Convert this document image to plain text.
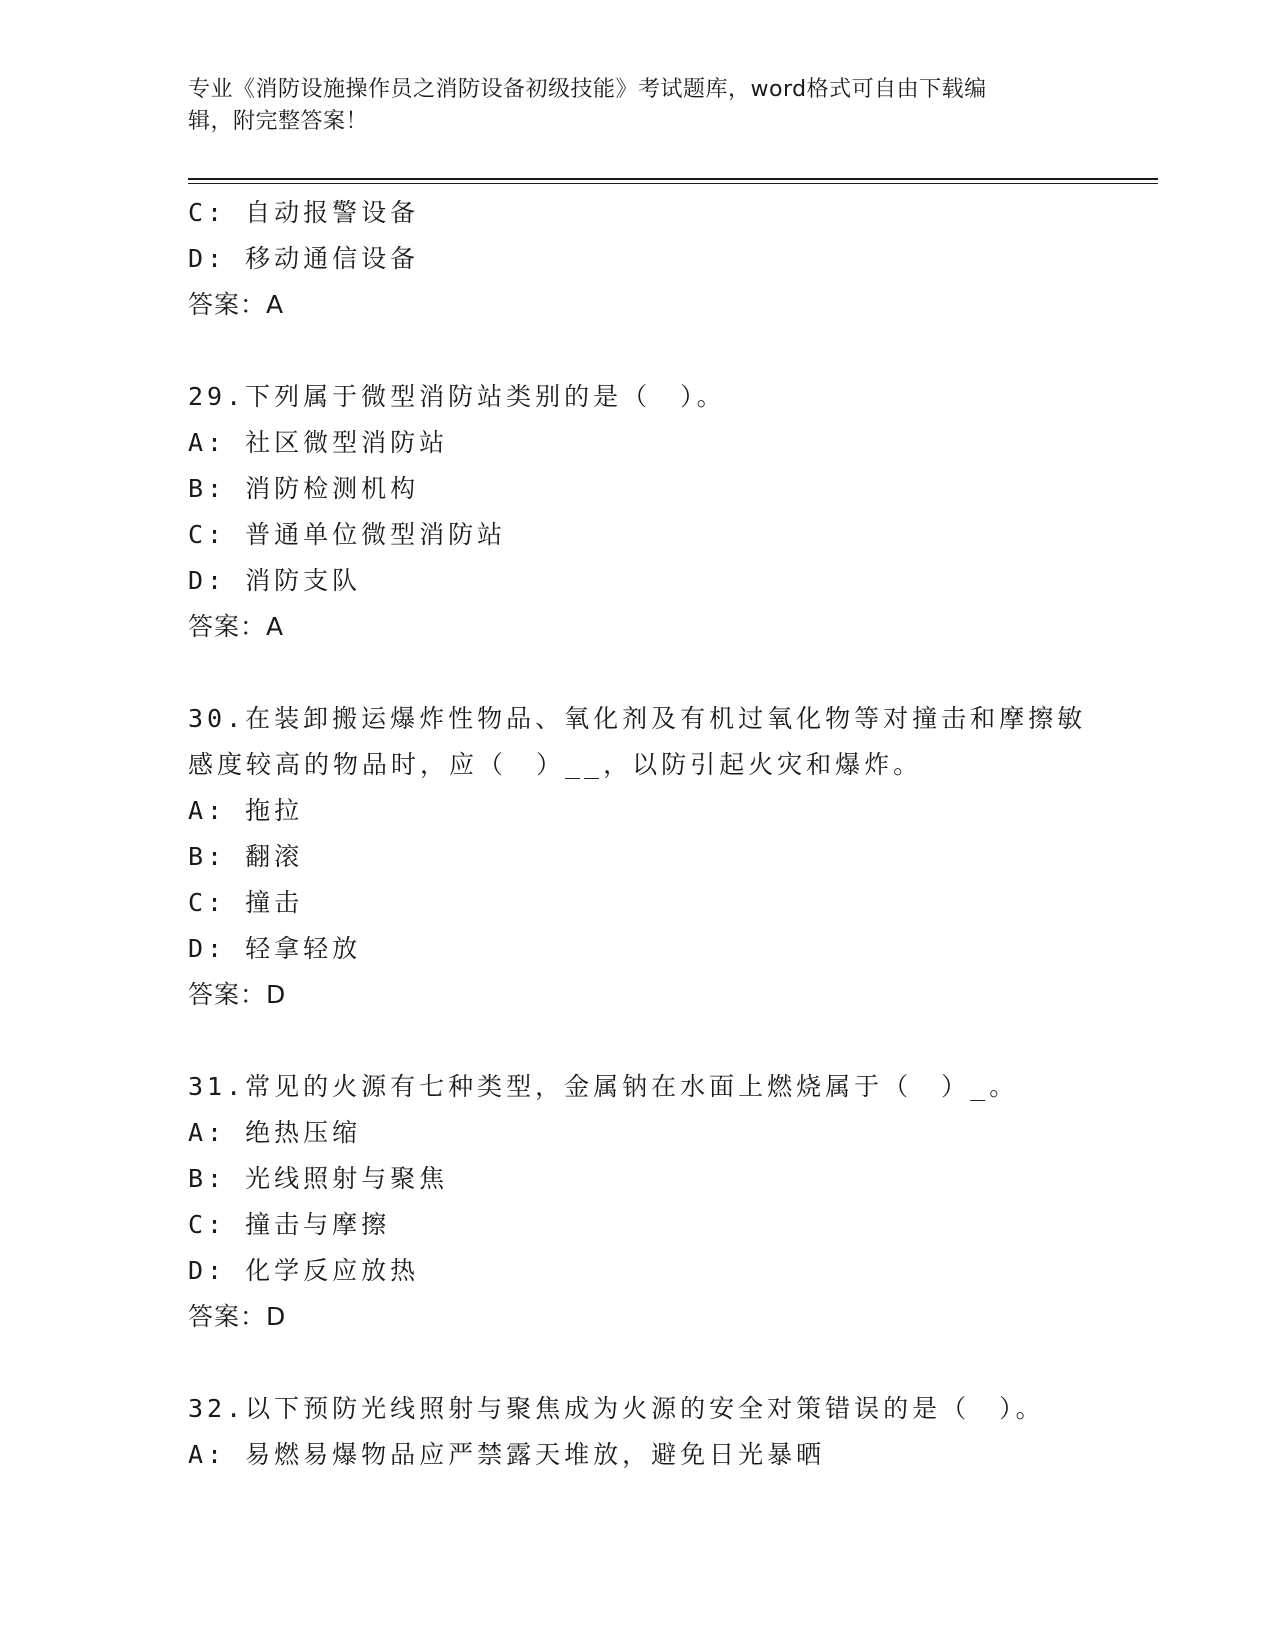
专业《消防设施操作员之消防设备初级技能》考试题库，word格式可自由下载编
辑，附完整答案！
C: 自动报警设备
D: 移动通信设备
答案：A
29.下列属于微型消防站类别的是（　）。
A: 社区微型消防站
B: 消防检测机构
C: 普通单位微型消防站
D: 消防支队
答案：A
30.在装卸搬运爆炸性物品、氧化剂及有机过氧化物等对撞击和摩擦敏
感度较高的物品时，应（　）__，以防引起火灾和爆炸。
A: 拖拉
B: 翻滚
C: 撞击
D: 轻拿轻放
答案：D
31.常见的火源有七种类型，金属钠在水面上燃烧属于（　）_。
A: 绝热压缩
B: 光线照射与聚焦
C: 撞击与摩擦
D: 化学反应放热
答案：D
32.以下预防光线照射与聚焦成为火源的安全对策错误的是（　）。
A: 易燃易爆物品应严禁露天堆放，避免日光暴晒
